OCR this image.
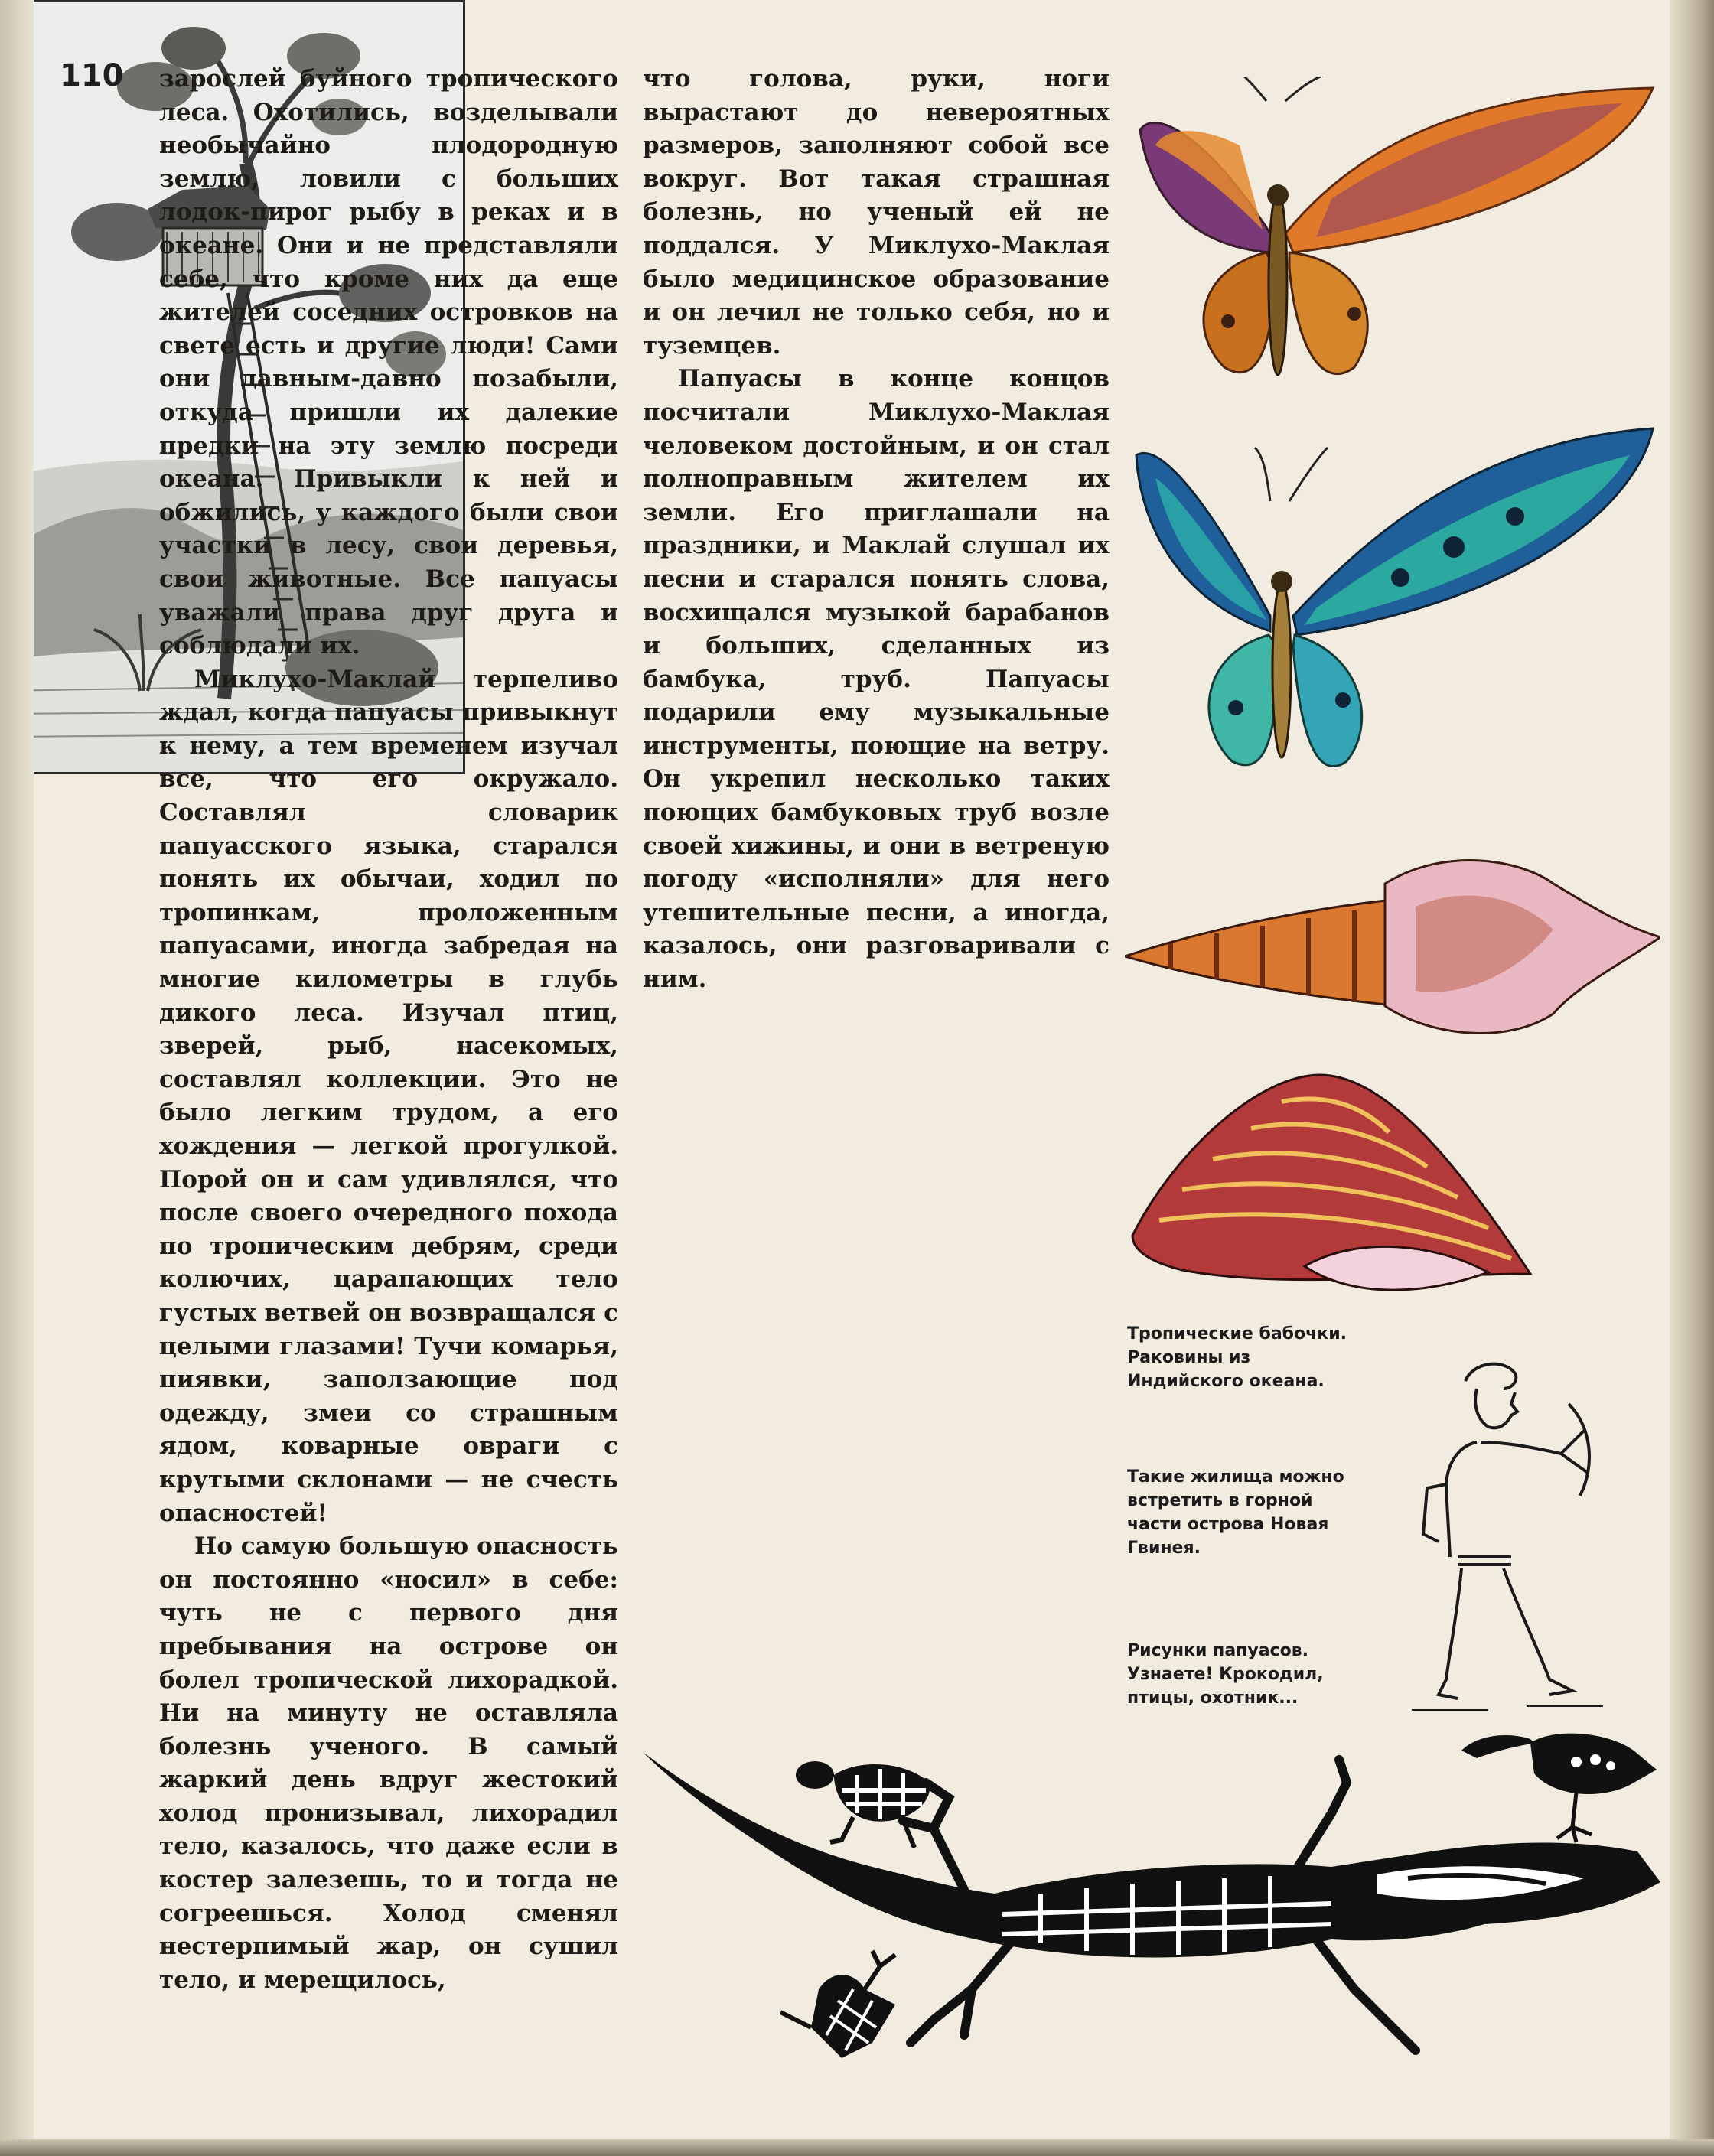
110 зарослей буйного тропического леса. Охотились, возделывали необычайно плодородную землю, ловили с больших лодок-пирог рыбу в реках и в океане. Они и не представляли себе, что кроме них да еще жителей соседних островков на свете есть и другие люди! Сами они давным-давно позабыли, откуда пришли их далекие предки на эту землю посреди океана. Привыкли к ней и обжились, у каждого были свои участки в лесу, свои деревья, свои животные. Все папуасы уважали права друг друга и соблюдали их.

Миклухо-Маклай терпеливо ждал, когда папуасы привыкнут к нему, а тем временем изучал все, что его окружало. Составлял словарик папуасского языка, старался понять их обычаи, ходил по тропинкам, проложенным папуасами, иногда забредая на многие километры в глубь дикого леса. Изучал птиц, зверей, рыб, насекомых, составлял коллекции. Это не было легким трудом, а его хождения — легкой прогулкой. Порой он и сам удивлялся, что после своего очередного похода по тропическим дебрям, среди колючих, царапающих тело густых ветвей он возвращался с целыми глазами! Тучи комарья, пиявки, заползающие под одежду, змеи со страшным ядом, коварные овраги с крутыми склонами — не счесть опасностей!

Но самую большую опасность он постоянно «носил» в себе: чуть не с первого дня пребывания на острове он болел тропической лихорадкой. Ни на минуту не оставляла болезнь ученого. В самый жаркий день вдруг жестокий холод пронизывал, лихорадил тело, казалось, что даже если в костер залезешь, то и тогда не согреешься. Холод сменял нестерпимый жар, он сушил тело, и мерещилось,

что голова, руки, ноги вырастают до невероятных размеров, заполняют собой все вокруг. Вот такая страшная болезнь, но ученый ей не поддался. У Миклухо-Маклая было медицинское образование и он лечил не только себя, но и туземцев.

Папуасы в конце концов посчитали Миклухо-Маклая человеком достойным, и он стал полноправным жителем их земли. Его приглашали на праздники, и Маклай слушал их песни и старался понять слова, восхищался музыкой барабанов и больших, сделанных из бамбука, труб. Папуасы подарили ему музыкальные инструменты, поющие на ветру. Он укрепил несколько таких поющих бамбуковых труб возле своей хижины, и они в ветреную погоду «исполняли» для него утешительные песни, а иногда, казалось, они разговаривали с ним.

Тропические бабочки. Раковины из Индийского океана.
Такие жилища можно встретить в горной части острова Новая Гвинея.
Рисунки папуасов. Узнаете! Крокодил, птицы, охотник...
